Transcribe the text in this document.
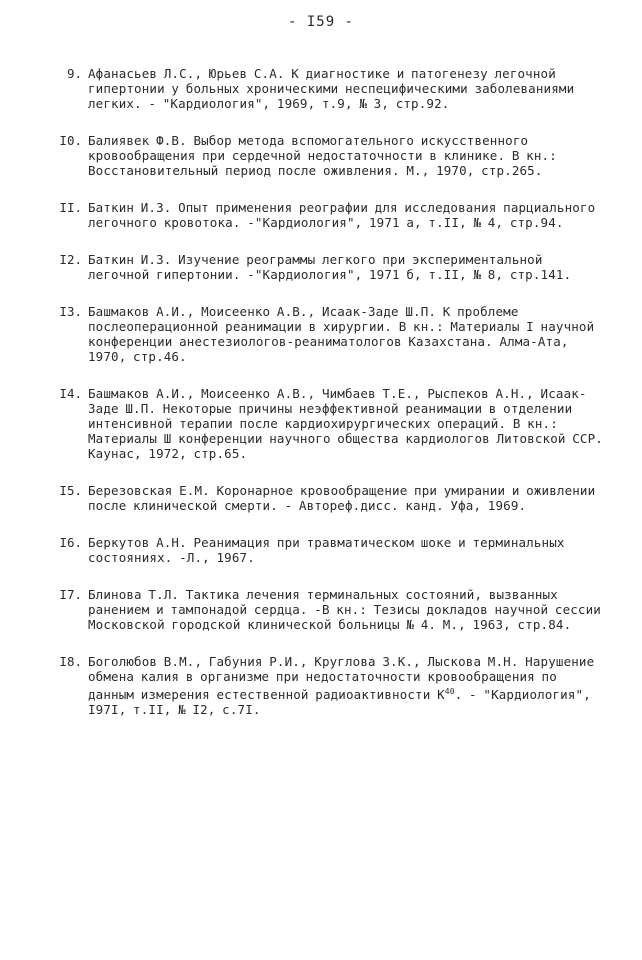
- I59 -
9. Афанасьев Л.С., Юрьев С.А. К диагностике и патогенезу легочной гипертонии у больных хроническими неспецифическими заболеваниями легких. - "Кардиология", 1969, т.9, № 3, стр.92.
I0. Балиявек Ф.В. Выбор метода вспомогательного искусственного кровообращения при сердечной недостаточности в клинике. В кн.: Восстановительный период после оживления. М., 1970, стр.265.
II. Баткин И.З. Опыт применения реографии для исследования парциального легочного кровотока. -"Кардиология", 1971 а, т.II, № 4, стр.94.
I2. Баткин И.З. Изучение реограммы легкого при экспериментальной легочной гипертонии. -"Кардиология", 1971 б, т.II, № 8, стр.141.
I3. Башмаков А.И., Моисеенко А.В., Исаак-Заде Ш.П. К проблеме послеоперационной реанимации в хирургии. В кн.: Материалы I научной конференции анестезиологов-реаниматологов Казахстана. Алма-Ата, 1970, стр.46.
I4. Башмаков А.И., Моисеенко А.В., Чимбаев Т.Е., Рыспеков А.Н., Исаак-Заде Ш.П. Некоторые причины неэффективной реанимации в отделении интенсивной терапии после кардиохирургических операций. В кн.: Материалы Ш конференции научного общества кардиологов Литовской ССР. Каунас, 1972, стр.65.
I5. Березовская Е.М. Коронарное кровообращение при умирании и оживлении после клинической смерти. - Автореф.дисс. канд. Уфа, 1969.
I6. Беркутов А.Н. Реанимация при травматическом шоке и терминальных состояниях. -Л., 1967.
I7. Блинова Т.Л. Тактика лечения терминальных состояний, вызванных ранением и тампонадой сердца. -В кн.: Тезисы докладов научной сессии Московской городской клинической больницы № 4. М., 1963, стр.84.
I8. Боголюбов В.М., Габуния Р.И., Круглова З.К., Лыскова М.Н. Нарушение обмена калия в организме при недостаточности кровообращения по данным измерения естественной радиоактивности $К^{40}$. - "Кардиология", I97I, т.II, № I2, с.7I.
